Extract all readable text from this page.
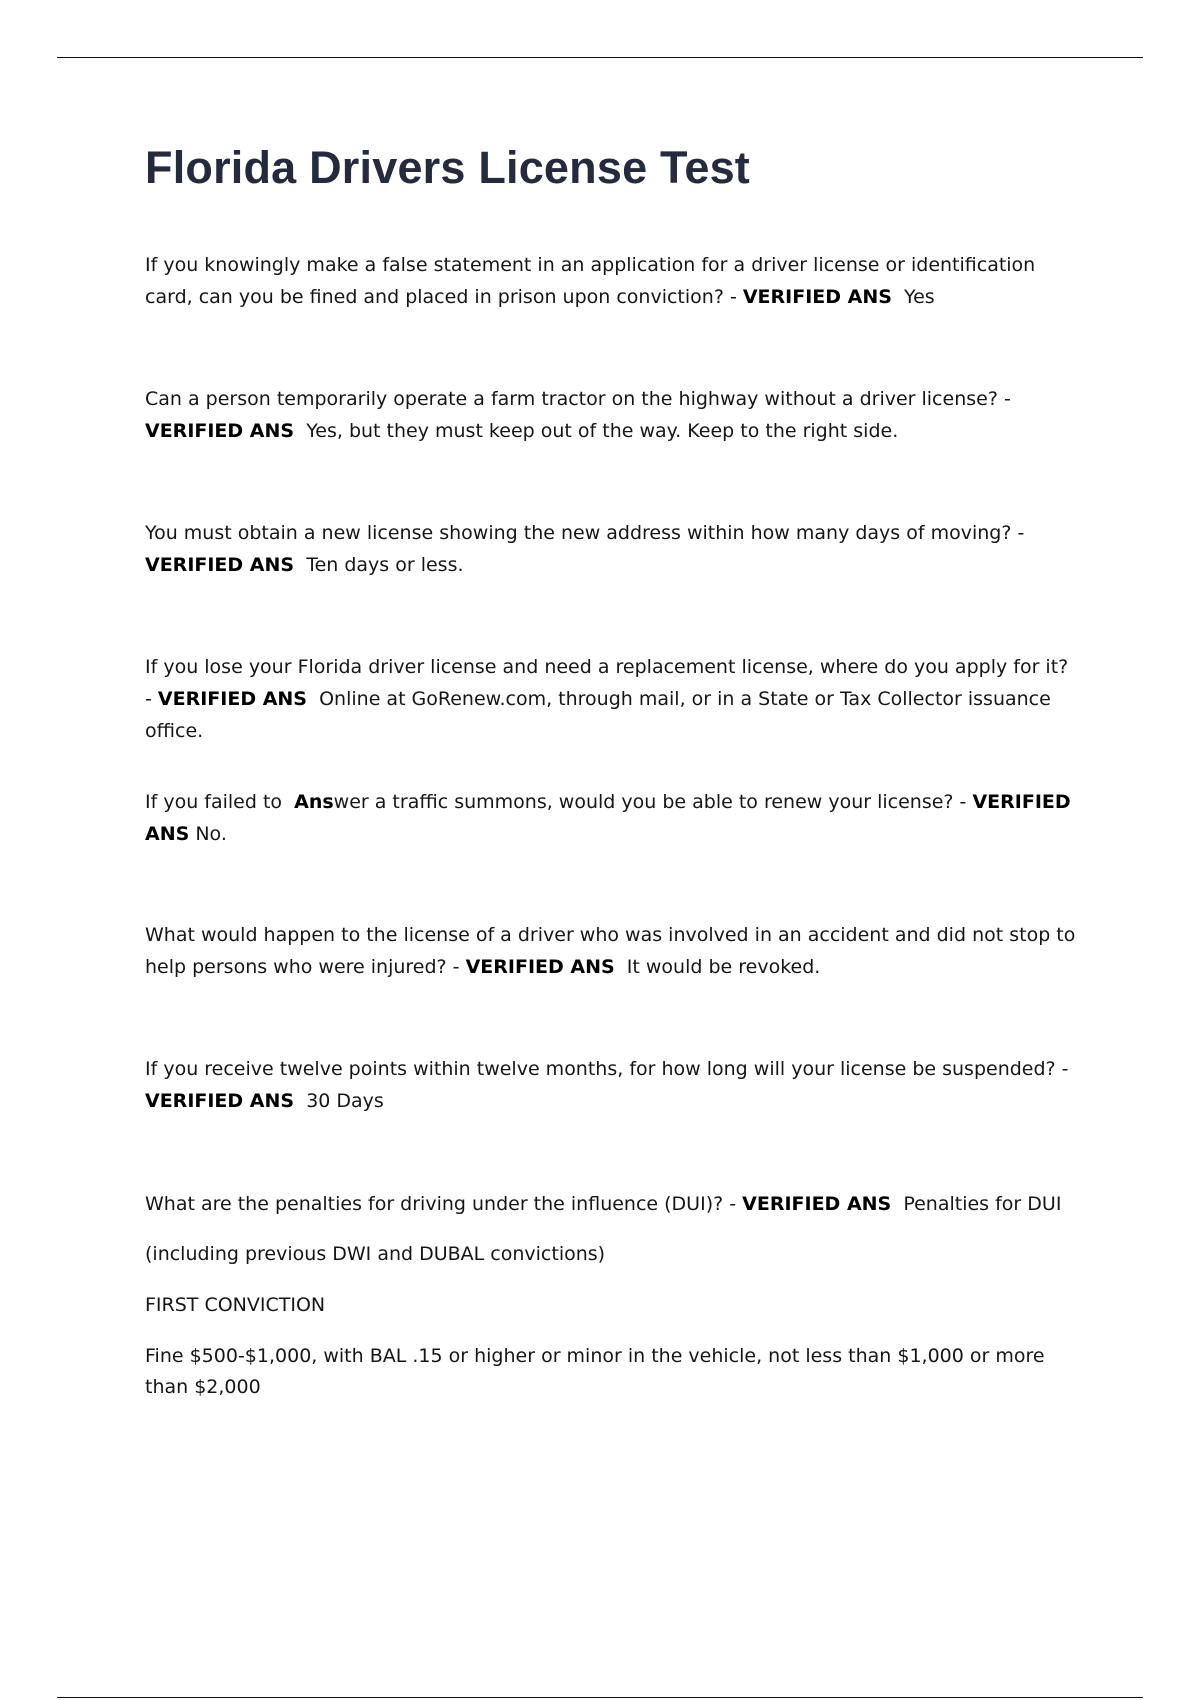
Florida Drivers License Test

If you knowingly make a false statement in an application for a driver license or identification card, can you be fined and placed in prison upon conviction? - VERIFIED ANS Yes

Can a person temporarily operate a farm tractor on the highway without a driver license? - VERIFIED ANS Yes, but they must keep out of the way. Keep to the right side.

You must obtain a new license showing the new address within how many days of moving? - VERIFIED ANS Ten days or less.

If you lose your Florida driver license and need a replacement license, where do you apply for it? - VERIFIED ANS Online at GoRenew.com, through mail, or in a State or Tax Collector issuance office.

If you failed to  Answer a traffic summons, would you be able to renew your license? - VERIFIED ANS No.

What would happen to the license of a driver who was involved in an accident and did not stop to help persons who were injured? - VERIFIED ANS It would be revoked.

If you receive twelve points within twelve months, for how long will your license be suspended? - VERIFIED ANS 30 Days

What are the penalties for driving under the influence (DUI)? - VERIFIED ANS Penalties for DUI

(including previous DWI and DUBAL convictions)

FIRST CONVICTION

Fine $500-$1,000, with BAL .15 or higher or minor in the vehicle, not less than $1,000 or more than $2,000
